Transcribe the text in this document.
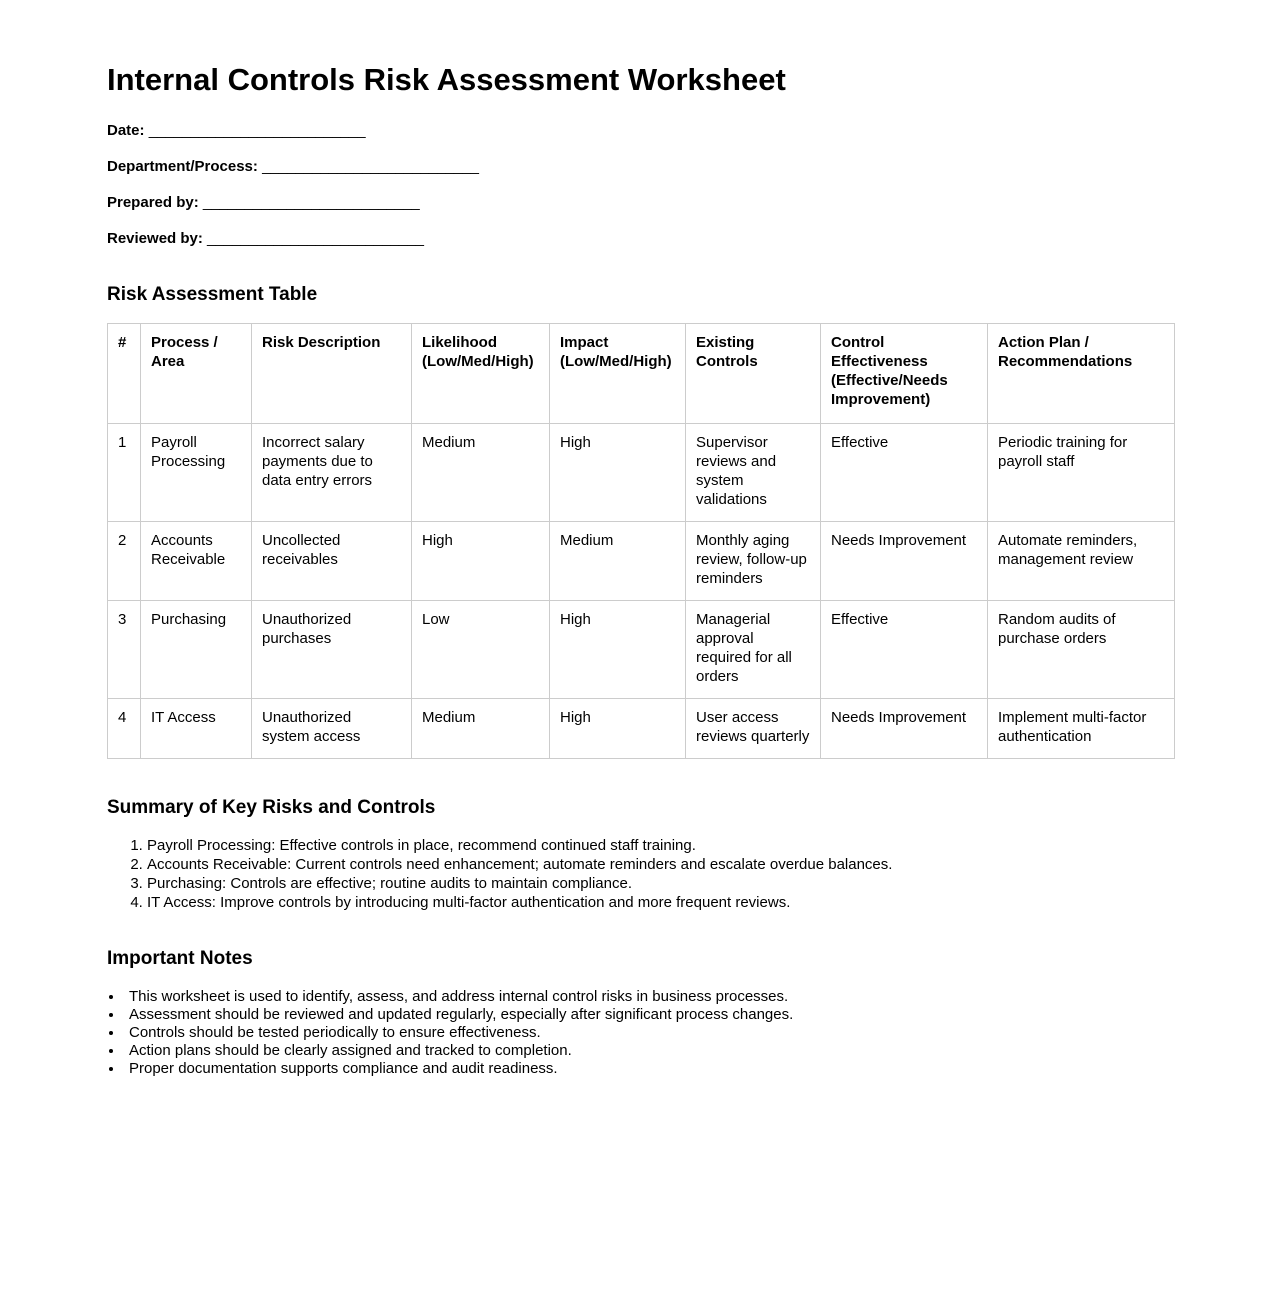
Internal Controls Risk Assessment Worksheet
Date: __________________________
Department/Process: __________________________
Prepared by: __________________________
Reviewed by: __________________________
Risk Assessment Table
#	Process / Area	Risk Description	Likelihood (Low/Med/High)	Impact (Low/Med/High)	Existing Controls	Control Effectiveness (Effective/Needs Improvement)	Action Plan / Recommendations
1	Payroll Processing	Incorrect salary payments due to data entry errors	Medium	High	Supervisor reviews and system validations	Effective	Periodic training for payroll staff
2	Accounts Receivable	Uncollected receivables	High	Medium	Monthly aging review, follow-up reminders	Needs Improvement	Automate reminders, management review
3	Purchasing	Unauthorized purchases	Low	High	Managerial approval required for all orders	Effective	Random audits of purchase orders
4	IT Access	Unauthorized system access	Medium	High	User access reviews quarterly	Needs Improvement	Implement multi-factor authentication
Summary of Key Risks and Controls
1. Payroll Processing: Effective controls in place, recommend continued staff training.
2. Accounts Receivable: Current controls need enhancement; automate reminders and escalate overdue balances.
3. Purchasing: Controls are effective; routine audits to maintain compliance.
4. IT Access: Improve controls by introducing multi-factor authentication and more frequent reviews.
Important Notes
• This worksheet is used to identify, assess, and address internal control risks in business processes.
• Assessment should be reviewed and updated regularly, especially after significant process changes.
• Controls should be tested periodically to ensure effectiveness.
• Action plans should be clearly assigned and tracked to completion.
• Proper documentation supports compliance and audit readiness.
